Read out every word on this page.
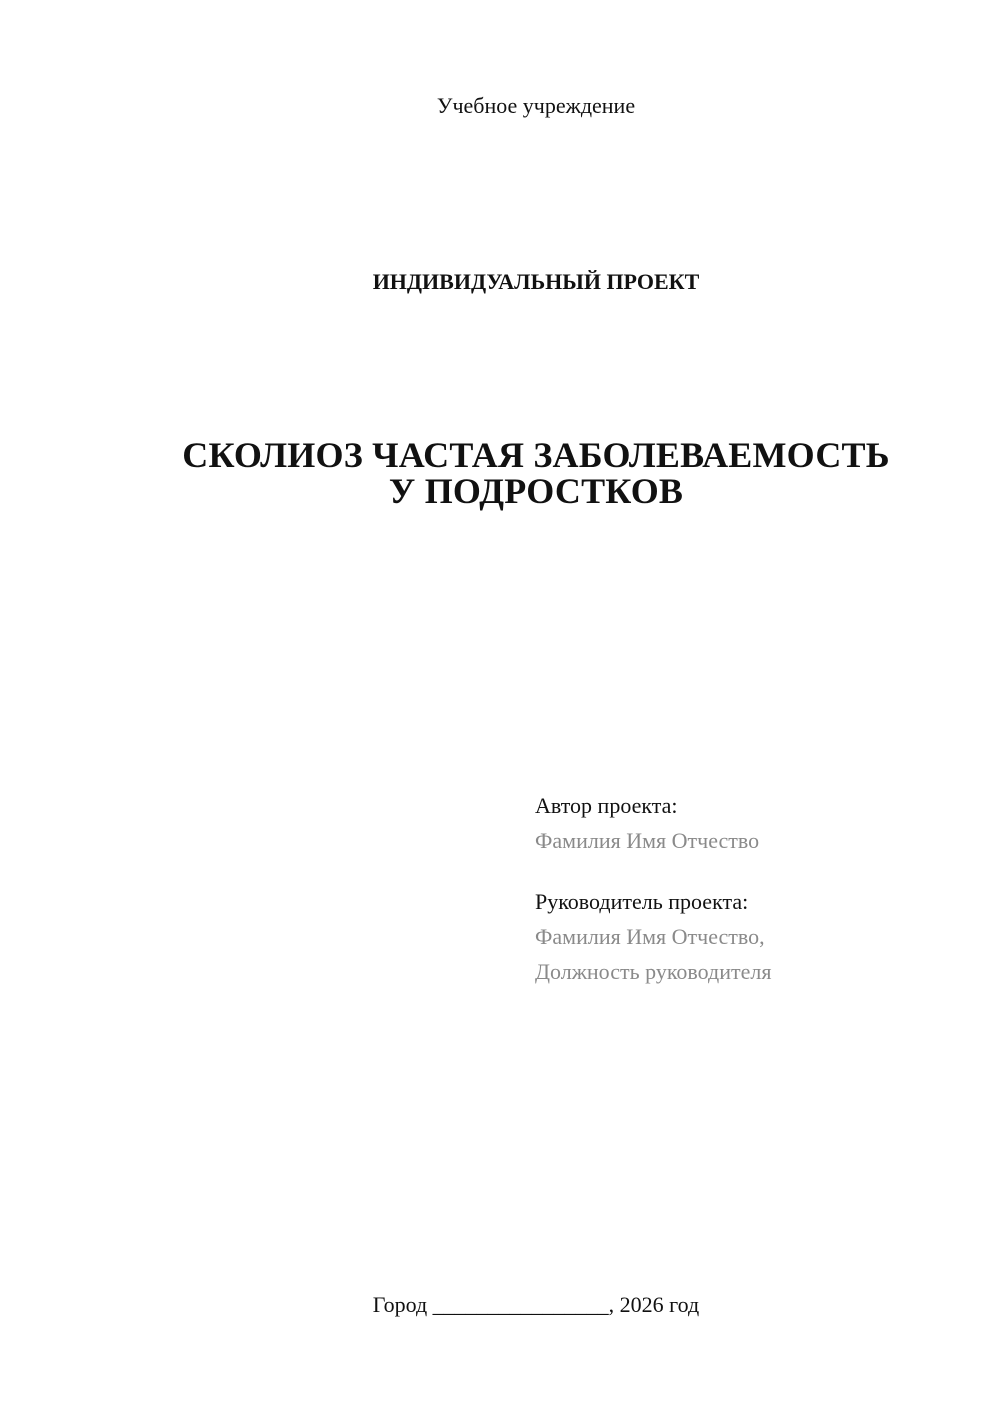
Учебное учреждение
ИНДИВИДУАЛЬНЫЙ ПРОЕКТ
СКОЛИОЗ ЧАСТАЯ ЗАБОЛЕВАЕМОСТЬ
У ПОДРОСТКОВ
Автор проекта:
Фамилия Имя Отчество
Руководитель проекта:
Фамилия Имя Отчество,
Должность руководителя
Город ________________, 2026 год
